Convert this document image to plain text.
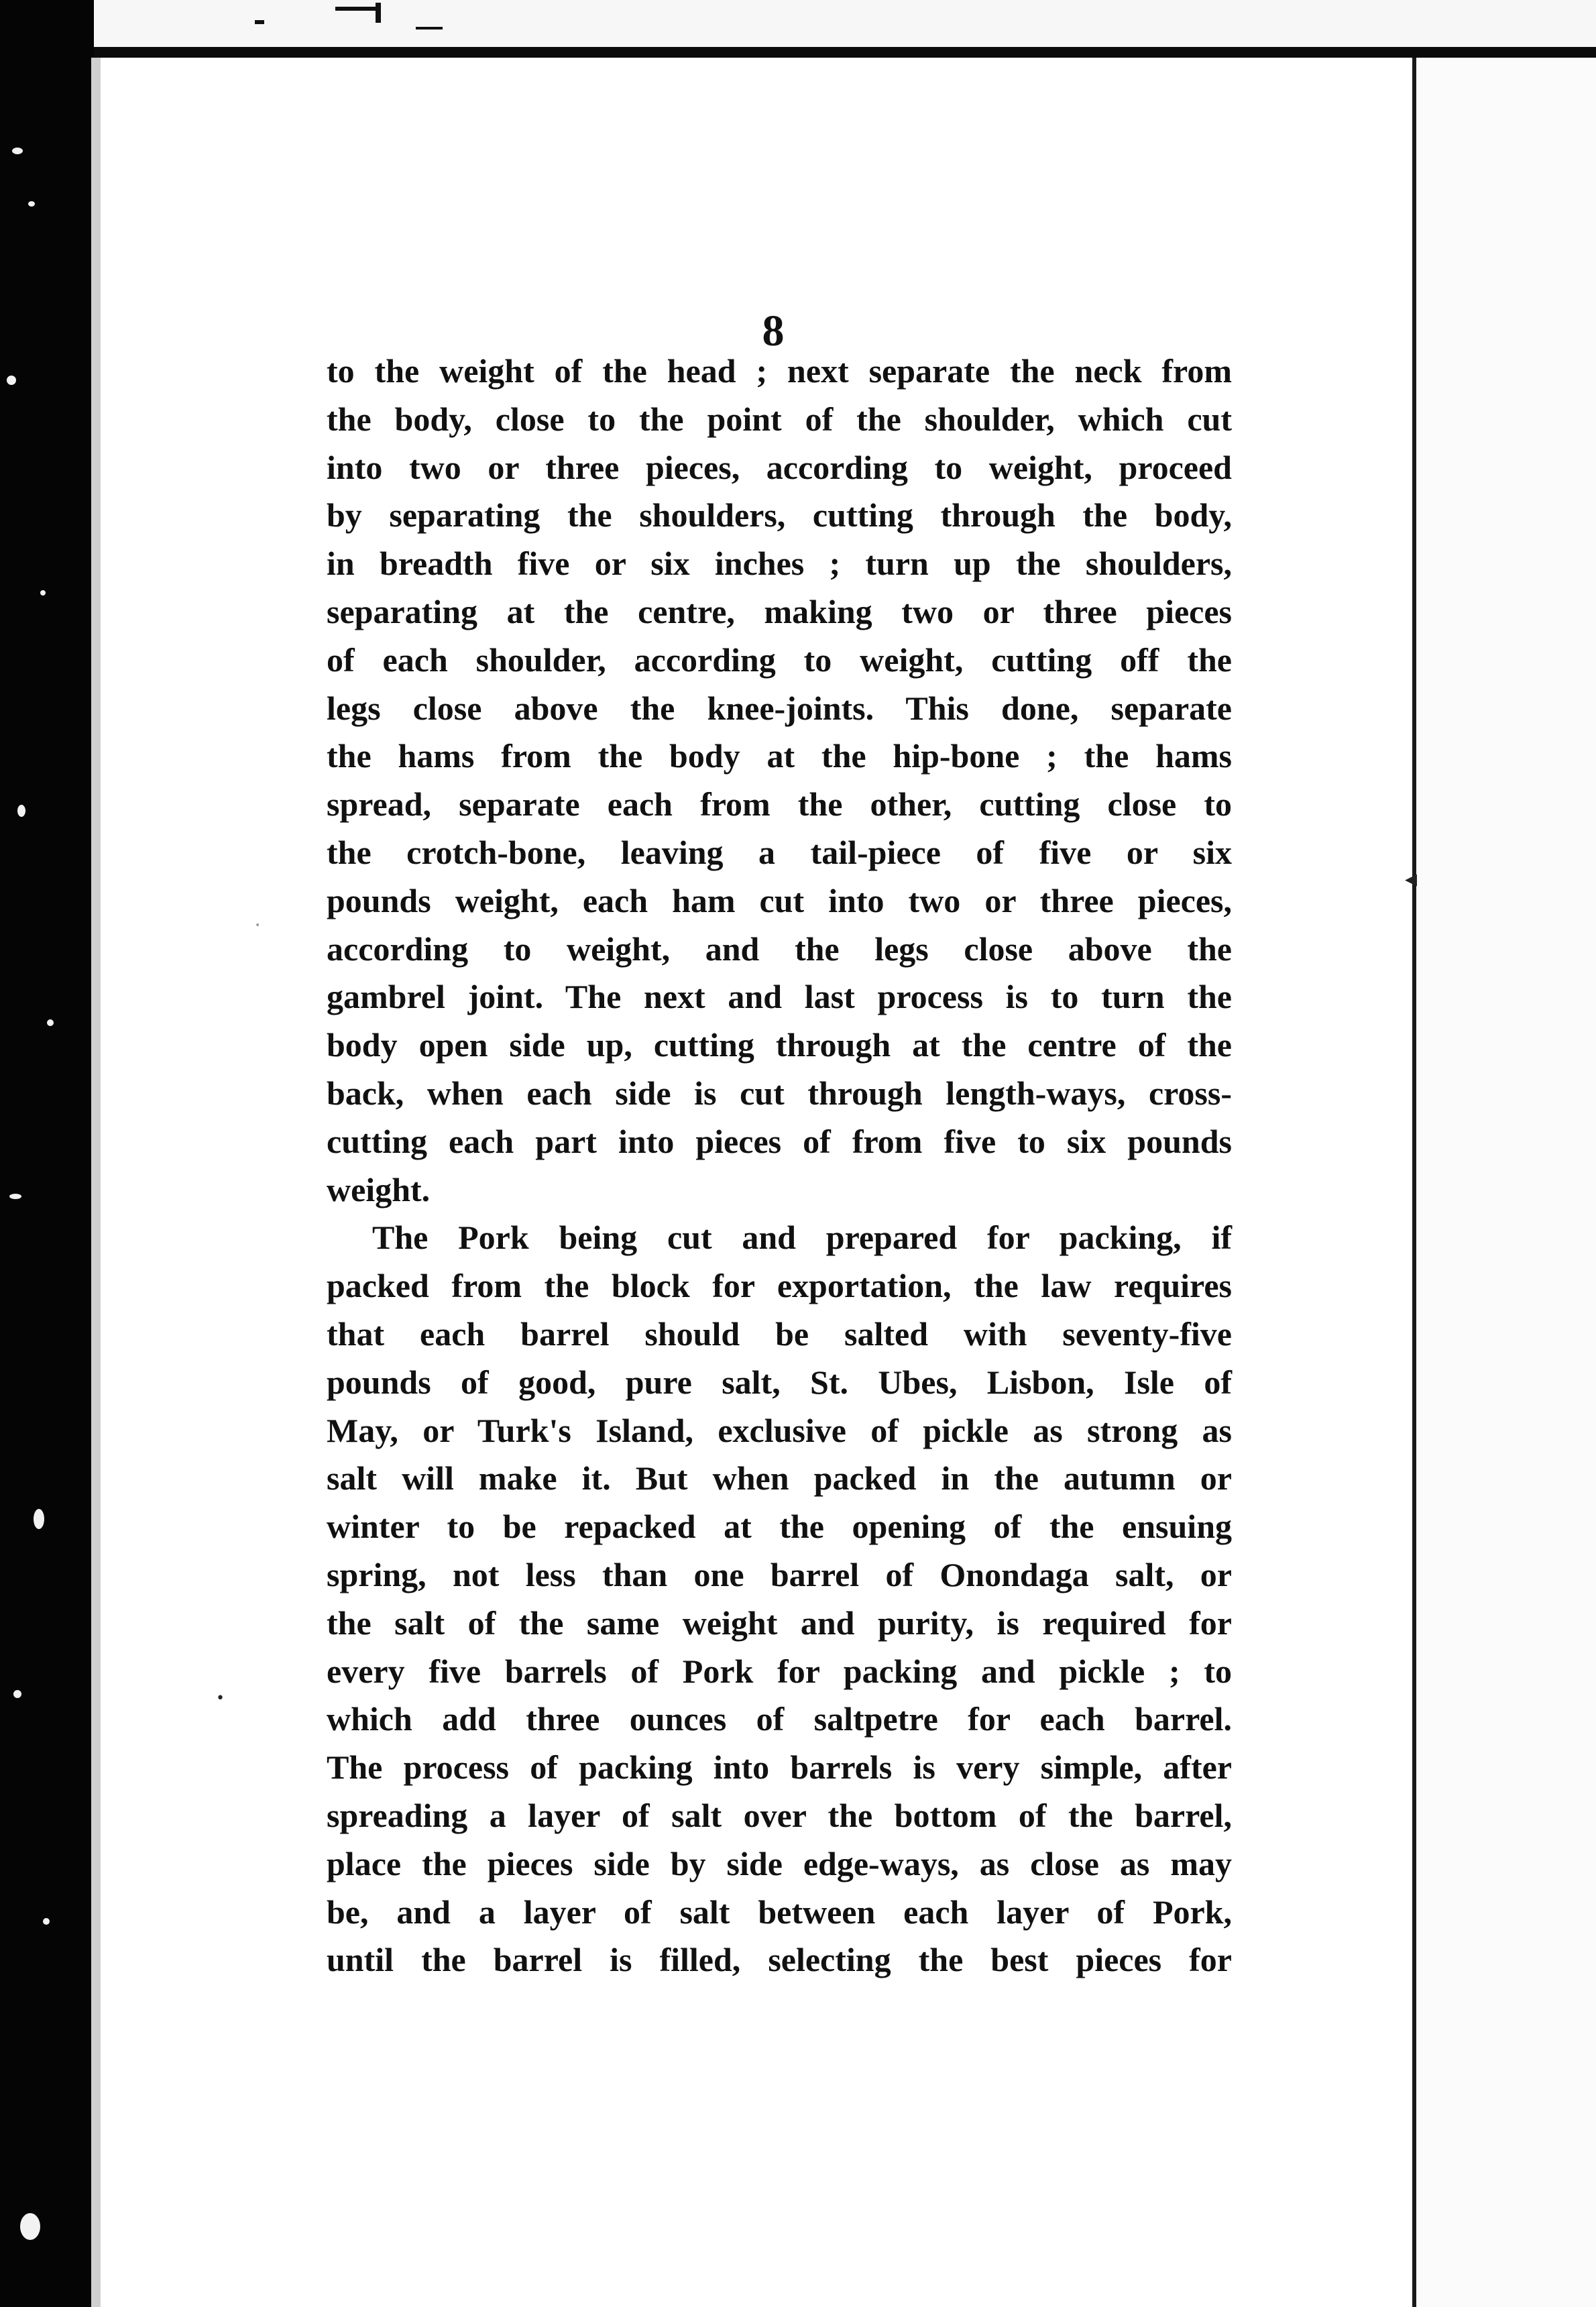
8
◂
•
•
to the weight of the head ; next separate the neck from
the body, close to the point of the shoulder, which cut
into two or three pieces, according to weight, proceed
by separating the shoulders, cutting through the body,
in breadth five or six inches ; turn up the shoulders,
separating at the centre, making two or three pieces
of each shoulder, according to weight, cutting off the
legs close above the knee-joints. This done, separate
the hams from the body at the hip-bone ; the hams
spread, separate each from the other, cutting close to
the crotch-bone, leaving a tail-piece of five or six
pounds weight, each ham cut into two or three pieces,
according to weight, and the legs close above the
gambrel joint. The next and last process is to turn the
body open side up, cutting through at the centre of the
back, when each side is cut through length-ways, cross-
cutting each part into pieces of from five to six pounds
weight.
The Pork being cut and prepared for packing, if
packed from the block for exportation, the law requires
that each barrel should be salted with seventy-five
pounds of good, pure salt, St. Ubes, Lisbon, Isle of
May, or Turk's Island, exclusive of pickle as strong as
salt will make it. But when packed in the autumn or
winter to be repacked at the opening of the ensuing
spring, not less than one barrel of Onondaga salt, or
the salt of the same weight and purity, is required for
every five barrels of Pork for packing and pickle ; to
which add three ounces of saltpetre for each barrel.
The process of packing into barrels is very simple, after
spreading a layer of salt over the bottom of the barrel,
place the pieces side by side edge-ways, as close as may
be, and a layer of salt between each layer of Pork,
until the barrel is filled, selecting the best pieces for
